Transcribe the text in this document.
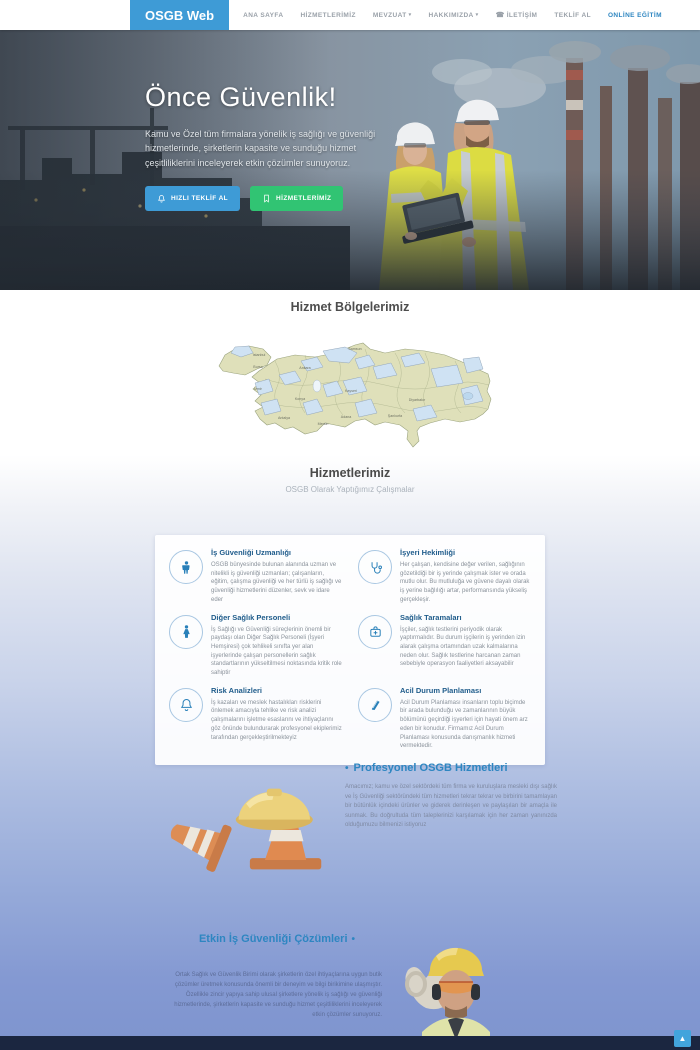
OSGB Web	ANA SAYFA	HİZMETLERİMİZ	MEVZUAT ▾	HAKKIMIZDA ▾ ☎ İLETİŞİM	TEKLİF AL	ONLİNE EĞİTİM
Önce Güvenlik!
Kamu ve Özel tüm firmalara yönelik iş sağlığı ve güvenliği hizmetlerinde, şirketlerin kapasite ve sunduğu hizmet çeşitliliklerini inceleyerek etkin çözümler sunuyoruz.
HIZLI TEKLİF AL	HİZMETLERİMİZ
Hizmet Bölgelerimiz
İstanbul
Bursa
İzmir
Ankara
Konya
Antalya
Mersin
Adana
Kayseri
Samsun
Şanlıurfa
Diyarbakır
Hizmetlerimiz
OSGB Olarak Yaptığımız Çalışmalar
İş Güvenliği Uzmanlığı
OSGB bünyesinde bulunan alanında uzman ve nitelikli iş güvenliği uzmanları; çalışanların, eğitim, çalışma güvenliği ve her türlü iş sağlığı ve güvenliği hizmetlerini düzenler, sevk ve idare eder
İşyeri Hekimliği
Her çalışan, kendisine değer verilen, sağlığının gözetildiği bir iş yerinde çalışmak ister ve orada mutlu olur. Bu mutluluğa ve güvene dayalı olarak iş yerine bağlılığı artar, performansında yükseliş gerçekleşir.
Diğer Sağlık Personeli
İş Sağlığı ve Güvenliği süreçlerinin önemli bir paydaşı olan Diğer Sağlık Personeli (İşyeri Hemşiresi) çok tehlikeli sınıfta yer alan işyerlerinde çalışan personellerin sağlık standartlarının yükseltilmesi noktasında kritik role sahiptir
Sağlık Taramaları
İşçiler, sağlık testlerini periyodik olarak yaptırmalıdır. Bu durum işçilerin iş yerinden izin alarak çalışma ortamından uzak kalmalarına neden olur. Sağlık testlerine harcanan zaman sebebiyle operasyon faaliyetleri aksayabilir
Risk Analizleri
İş kazaları ve meslek hastalıkları risklerini önlemek amacıyla tehlike ve risk analizi çalışmalarını işletme esaslarını ve ihtiyaçlarını göz önünde bulundurarak profesyonel ekiplerimiz tarafından gerçekleştirilmekteyiz
Acil Durum Planlaması
Acil Durum Planlaması insanların toplu biçimde bir arada bulunduğu ve zamanlarının büyük bölümünü geçirdiği işyerleri için hayati önem arz eden bir konudur. Firmamız Acil Durum Planlaması konusunda danışmanlık hizmeti vermektedir.
• Profesyonel OSGB Hizmetleri
Amacımız; kamu ve özel sektördeki tüm firma ve kuruluşlara mesleki dışı sağlık ve İş Güvenliği sektöründeki tüm hizmetleri tekrar tekrar ve birbirini tamamlayan bir bütünlük içindeki ürünler ve giderek derinleşen ve paylaşılan bir amaçla ile sunmak. Bu doğrultuda tüm taleplerinizi karşılamak için her zaman yanınızda olduğumuzu bilmenizi istiyoruz
Etkin İş Güvenliği Çözümleri •
Ortak Sağlık ve Güvenlik Birimi olarak şirketlerin özel ihtiyaçlarına uygun butik çözümler üretmek konusunda önemli bir deneyim ve bilgi birikimine ulaşmıştır. Özellikle zincir yapıya sahip ulusal şirketlere yönelik iş sağlığı ve güvenliği hizmetlerinde, şirketlerin kapasite ve sunduğu hizmet çeşitliliklerini inceleyerek etkin çözümler sunuyoruz.
▲
